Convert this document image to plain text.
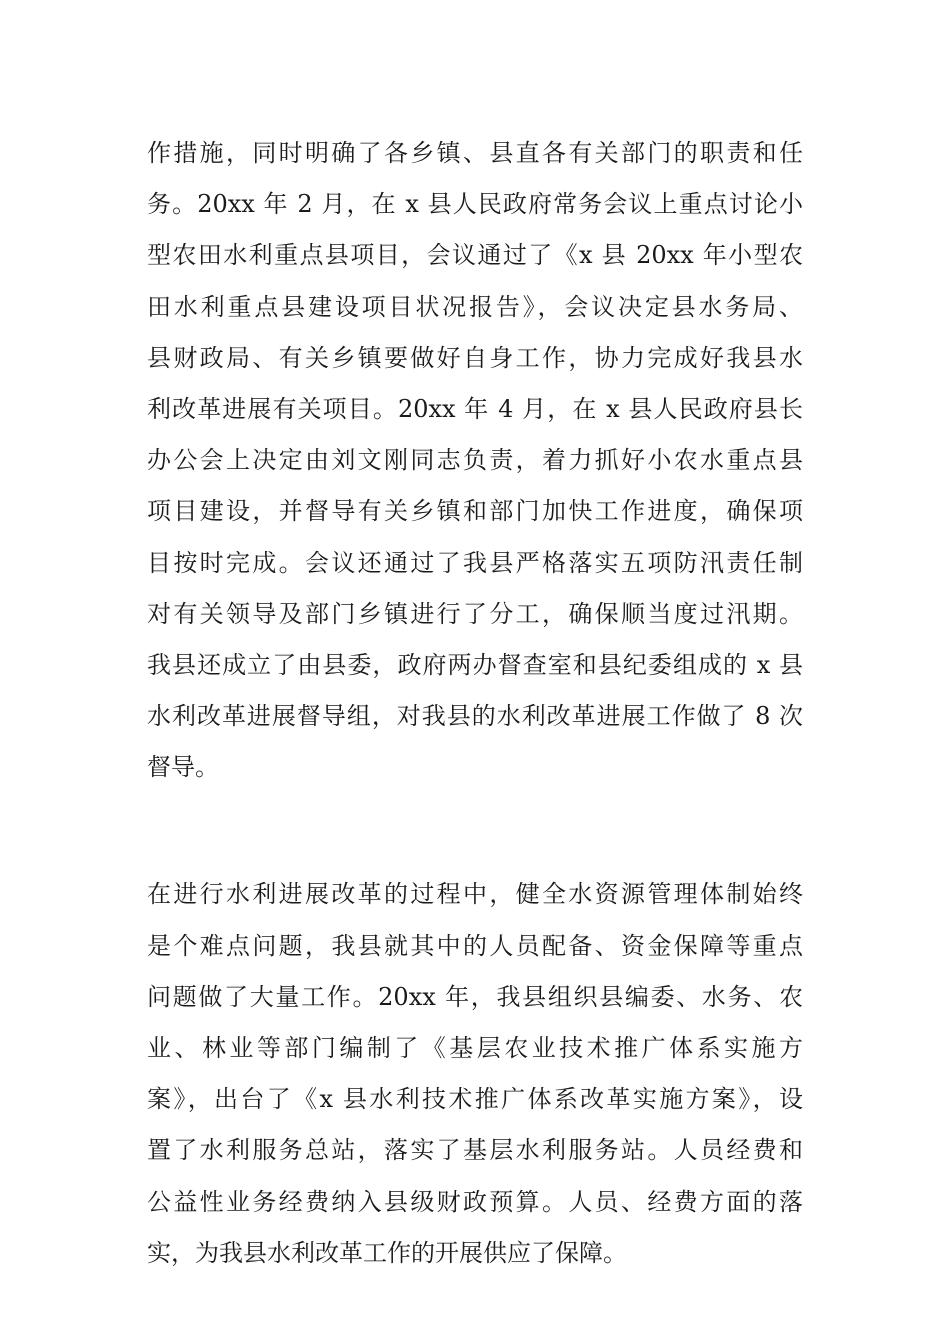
作措施，同时明确了各乡镇、县直各有关部门的职责和任
务。20xx 年 2 月，在 x 县人民政府常务会议上重点讨论小
型农田水利重点县项目，会议通过了《x 县 20xx 年小型农
田水利重点县建设项目状况报告》，会议决定县水务局、
县财政局、有关乡镇要做好自身工作，协力完成好我县水
利改革进展有关项目。20xx 年 4 月，在 x 县人民政府县长
办公会上决定由刘文刚同志负责，着力抓好小农水重点县
项目建设，并督导有关乡镇和部门加快工作进度，确保项
目按时完成。会议还通过了我县严格落实五项防汛责任制
对有关领导及部门乡镇进行了分工，确保顺当度过汛期。
我县还成立了由县委，政府两办督查室和县纪委组成的 x 县
水利改革进展督导组，对我县的水利改革进展工作做了 8 次
督导。
在进行水利进展改革的过程中，健全水资源管理体制始终
是个难点问题，我县就其中的人员配备、资金保障等重点
问题做了大量工作。20xx 年，我县组织县编委、水务、农
业、林业等部门编制了《基层农业技术推广体系实施方
案》，出台了《x 县水利技术推广体系改革实施方案》，设
置了水利服务总站，落实了基层水利服务站。人员经费和
公益性业务经费纳入县级财政预算。人员、经费方面的落
实，为我县水利改革工作的开展供应了保障。
